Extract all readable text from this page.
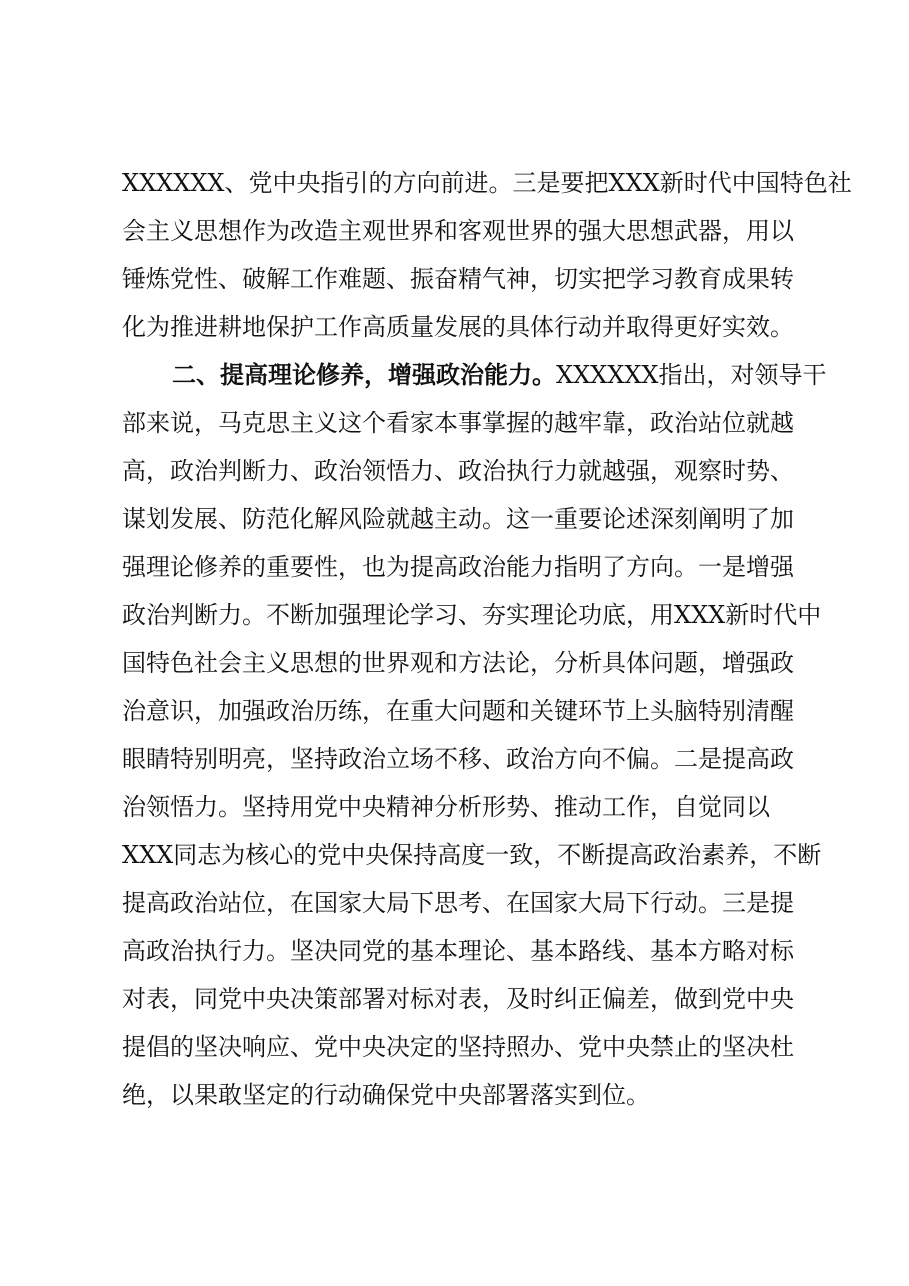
XXXXXX、党中央指引的方向前进。三是要把XXX新时代中国特色社
会主义思想作为改造主观世界和客观世界的强大思想武器，用以
锤炼党性、破解工作难题、振奋精气神，切实把学习教育成果转
化为推进耕地保护工作高质量发展的具体行动并取得更好实效。
二、提高理论修养，增强政治能力。XXXXXX指出，对领导干
部来说，马克思主义这个看家本事掌握的越牢靠，政治站位就越
高，政治判断力、政治领悟力、政治执行力就越强，观察时势、
谋划发展、防范化解风险就越主动。这一重要论述深刻阐明了加
强理论修养的重要性，也为提高政治能力指明了方向。一是增强
政治判断力。不断加强理论学习、夯实理论功底，用XXX新时代中
国特色社会主义思想的世界观和方法论，分析具体问题，增强政
治意识，加强政治历练，在重大问题和关键环节上头脑特别清醒
眼睛特别明亮，坚持政治立场不移、政治方向不偏。二是提高政
治领悟力。坚持用党中央精神分析形势、推动工作，自觉同以
XXX同志为核心的党中央保持高度一致，不断提高政治素养，不断
提高政治站位，在国家大局下思考、在国家大局下行动。三是提
高政治执行力。坚决同党的基本理论、基本路线、基本方略对标
对表，同党中央决策部署对标对表，及时纠正偏差，做到党中央
提倡的坚决响应、党中央决定的坚持照办、党中央禁止的坚决杜
绝，以果敢坚定的行动确保党中央部署落实到位。
